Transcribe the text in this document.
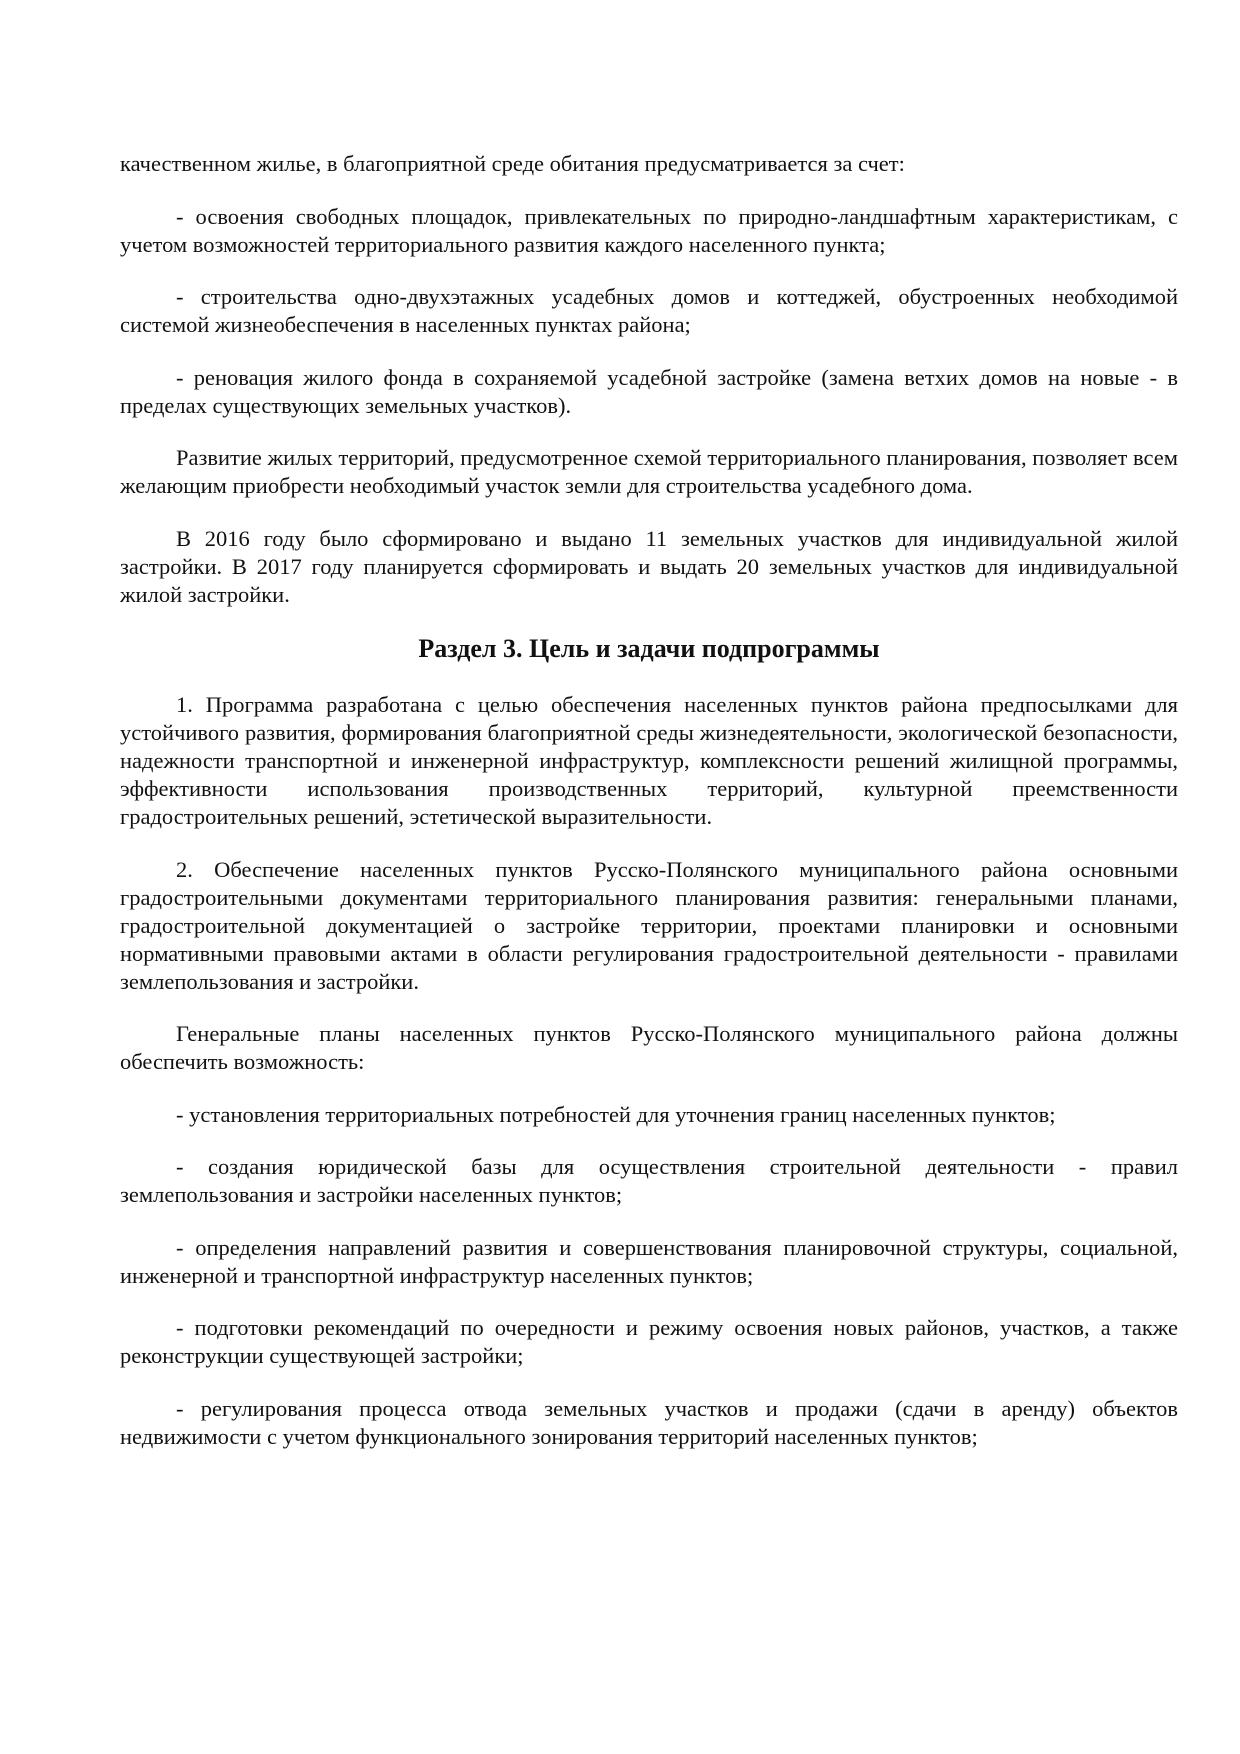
качественном жилье, в благоприятной среде обитания предусматривается за счет:

- освоения свободных площадок, привлекательных по природно-ландшафтным характеристикам, с учетом возможностей территориального развития каждого населенного пункта;

- строительства одно-двухэтажных усадебных домов и коттеджей, обустроенных необходимой системой жизнеобеспечения в населенных пунктах района;

- реновация жилого фонда в сохраняемой усадебной застройке (замена ветхих домов на новые - в пределах существующих земельных участков).

Развитие жилых территорий, предусмотренное схемой территориального планирования, позволяет всем желающим приобрести необходимый участок земли для строительства усадебного дома.

В 2016 году было сформировано и выдано 11 земельных участков для индивидуальной жилой застройки. В 2017 году планируется сформировать и выдать 20 земельных участков для индивидуальной жилой застройки.

Раздел 3. Цель и задачи подпрограммы

1. Программа разработана с целью обеспечения населенных пунктов района предпосылками для устойчивого развития, формирования благоприятной среды жизнедеятельности, экологической безопасности, надежности транспортной и инженерной инфраструктур, комплексности решений жилищной программы, эффективности использования производственных территорий, культурной преемственности градостроительных решений, эстетической выразительности.

2. Обеспечение населенных пунктов Русско-Полянского муниципального района основными градостроительными документами территориального планирования развития: генеральными планами, градостроительной документацией о застройке территории, проектами планировки и основными нормативными правовыми актами в области регулирования градостроительной деятельности - правилами землепользования и застройки.

Генеральные планы населенных пунктов Русско-Полянского муниципального района должны обеспечить возможность:

- установления территориальных потребностей для уточнения границ населенных пунктов;

- создания юридической базы для осуществления строительной деятельности - правил землепользования и застройки населенных пунктов;

- определения направлений развития и совершенствования планировочной структуры, социальной, инженерной и транспортной инфраструктур населенных пунктов;

- подготовки рекомендаций по очередности и режиму освоения новых районов, участков, а также реконструкции существующей застройки;

- регулирования процесса отвода земельных участков и продажи (сдачи в аренду) объектов недвижимости с учетом функционального зонирования территорий населенных пунктов;
